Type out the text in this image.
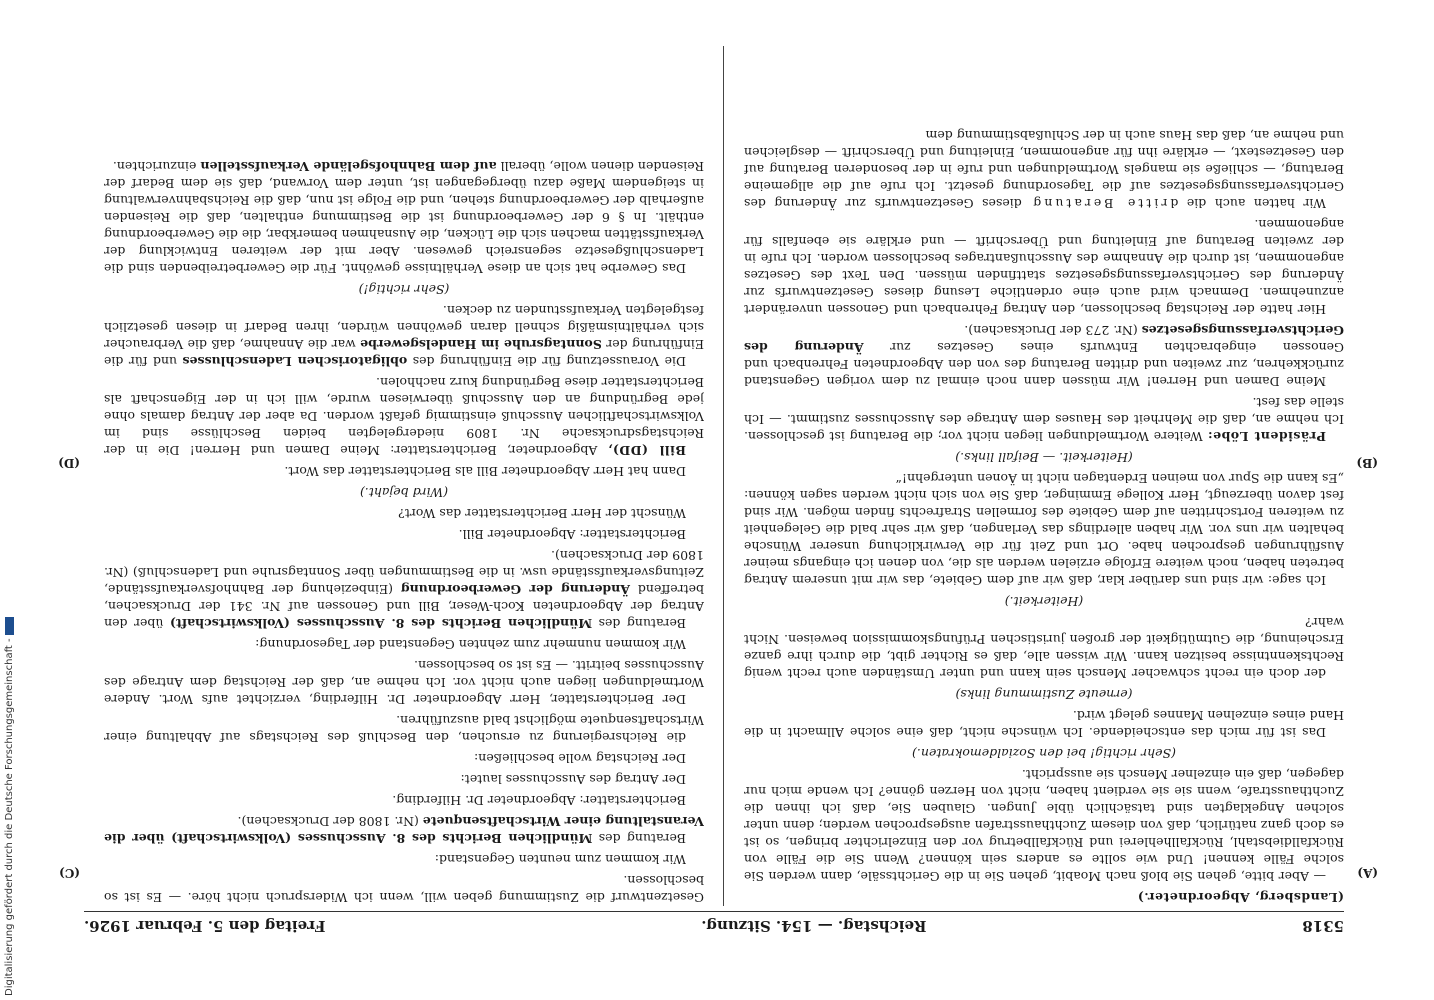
Digitalisierung gefördert durch die Deutsche Forschungsgemeinschaft -	5318
Reichstag. — 154. Sitzung.
Freitag den 5. Februar 1926.
(A)
(B)
(C)
(D)

(Landsberg, Abgeordneter.)

— Aber bitte, gehen Sie bloß nach Moabit, gehen Sie in die Gerichtssäle, dann werden Sie solche Fälle kennen! Und wie sollte es anders sein können? Wenn Sie die Fälle von Rückfalldiebstahl, Rückfallhehlerei und Rückfallbetrug vor den Einzelrichter bringen, so ist es doch ganz natürlich, daß von diesem Zuchthausstrafen ausgesprochen werden; denn unter solchen Angeklagten sind tatsächlich üble Jungen. Glauben Sie, daß ich ihnen die Zuchthausstrafe, wenn sie sie verdient haben, nicht von Herzen gönne? Ich wende mich nur dagegen, daß ein einzelner Mensch sie ausspricht.

(Sehr richtig! bei den Sozialdemokraten.)

Das ist für mich das entscheidende. Ich wünsche nicht, daß eine solche Allmacht in die Hand eines einzelnen Mannes gelegt wird.

(erneute Zustimmung links)

der doch ein recht schwacher Mensch sein kann und unter Umständen auch recht wenig Rechtskenntnisse besitzen kann. Wir wissen alle, daß es Richter gibt, die durch ihre ganze Erscheinung, die Gutmütigkeit der großen juristischen Prüfungskommission beweisen. Nicht wahr?

(Heiterkeit.)

Ich sage: wir sind uns darüber klar, daß wir auf dem Gebiete, das wir mit unserem Antrag betreten haben, noch weitere Erfolge erzielen werden als die, von denen ich eingangs meiner Ausführungen gesprochen habe. Ort und Zeit für die Verwirklichung unserer Wünsche behalten wir uns vor. Wir haben allerdings das Verlangen, daß wir sehr bald die Gelegenheit zu weiteren Fortschritten auf dem Gebiete des formellen Strafrechts finden mögen. Wir sind fest davon überzeugt, Herr Kollege Emminger, daß Sie von sich nicht werden sagen können: „Es kann die Spur von meinen Erdentagen nicht in Äonen untergehn!“

(Heiterkeit. — Beifall links.)

Präsident Löbe: Weitere Wortmeldungen liegen nicht vor; die Beratung ist geschlossen. Ich nehme an, daß die Mehrheit des Hauses dem Antrage des Ausschusses zustimmt. — Ich stelle das fest.

Meine Damen und Herren! Wir müssen dann noch einmal zu dem vorigen Gegenstand zurückkehren, zur zweiten und dritten Beratung des von den Abgeordneten Fehrenbach und Genossen eingebrachten Entwurfs eines Gesetzes zur Änderung des Gerichtsverfassungsgesetzes (Nr. 273 der Drucksachen).

Hier hatte der Reichstag beschlossen, den Antrag Fehrenbach und Genossen unverändert anzunehmen. Demnach wird auch eine ordentliche Lesung dieses Gesetzentwurfs zur Änderung des Gerichtsverfassungsgesetzes stattfinden müssen. Den Text des Gesetzes angenommen, ist durch die Annahme des Ausschußantrages beschlossen worden. Ich rufe in der zweiten Beratung auf Einleitung und Überschrift — und erkläre sie ebenfalls für angenommen.

Wir hatten auch die dritte Beratung dieses Gesetzentwurfs zur Änderung des Gerichtsverfassungsgesetzes auf die Tagesordnung gesetzt. Ich rufe auf die allgemeine Beratung, — schließe sie mangels Wortmeldungen und rufe in der besonderen Beratung auf den Gesetzestext, — erkläre ihn für angenommen, Einleitung und Überschrift — desgleichen und nehme an, daß das Haus auch in der Schlußabstimmung dem

Gesetzentwurf die Zustimmung geben will, wenn ich Widerspruch nicht höre. — Es ist so beschlossen.

Wir kommen zum neunten Gegenstand:

Beratung des Mündlichen Berichts des 8. Ausschusses (Volkswirtschaft) über die Veranstaltung einer Wirtschaftsenquete (Nr. 1808 der Drucksachen).

Berichterstatter: Abgeordneter Dr. Hilferding.

Der Antrag des Ausschusses lautet:

Der Reichstag wolle beschließen:

die Reichsregierung zu ersuchen, den Beschluß des Reichstags auf Abhaltung einer Wirtschaftsenquete möglichst bald auszuführen.

Der Berichterstatter, Herr Abgeordneter Dr. Hilferding, verzichtet aufs Wort. Andere Wortmeldungen liegen auch nicht vor. Ich nehme an, daß der Reichstag dem Antrage des Ausschusses beitritt. — Es ist so beschlossen.

Wir kommen nunmehr zum zehnten Gegenstand der Tagesordnung:

Beratung des Mündlichen Berichts des 8. Ausschusses (Volkswirtschaft) über den Antrag der Abgeordneten Koch-Weser, Bill und Genossen auf Nr. 341 der Drucksachen, betreffend Änderung der Gewerbeordnung (Einbeziehung der Bahnhofsverkaufsstände, Zeitungsverkaufsstände usw. in die Bestimmungen über Sonntagsruhe und Ladenschluß) (Nr. 1809 der Drucksachen).

Berichterstatter: Abgeordneter Bill.

Wünscht der Herr Berichterstatter das Wort?

(Wird bejaht.)

Dann hat Herr Abgeordneter Bill als Berichterstatter das Wort.

Bill (DD), Abgeordneter, Berichterstatter: Meine Damen und Herren! Die in der Reichstagsdrucksache Nr. 1809 niedergelegten beiden Beschlüsse sind im Volkswirtschaftlichen Ausschuß einstimmig gefaßt worden. Da aber der Antrag damals ohne jede Begründung an den Ausschuß überwiesen wurde, will ich in der Eigenschaft als Berichterstatter diese Begründung kurz nachholen.

Die Voraussetzung für die Einführung des obligatorischen Ladenschlusses und für die Einführung der Sonntagsruhe im Handelsgewerbe war die Annahme, daß die Verbraucher sich verhältnismäßig schnell daran gewöhnen würden, ihren Bedarf in diesen gesetzlich festgelegten Verkaufsstunden zu decken.

(Sehr richtig!)

Das Gewerbe hat sich an diese Verhältnisse gewöhnt. Für die Gewerbetreibenden sind die Ladenschlußgesetze segensreich gewesen. Aber mit der weiteren Entwicklung der Verkaufsstätten machen sich die Lücken, die Ausnahmen bemerkbar, die die Gewerbeordnung enthält. In § 6 der Gewerbeordnung ist die Bestimmung enthalten, daß die Reisenden außerhalb der Gewerbeordnung stehen, und die Folge ist nun, daß die Reichsbahnverwaltung in steigendem Maße dazu übergegangen ist, unter dem Vorwand, daß sie dem Bedarf der Reisenden dienen wolle, überall auf dem Bahnhofsgelände Verkaufsstellen einzurichten.
